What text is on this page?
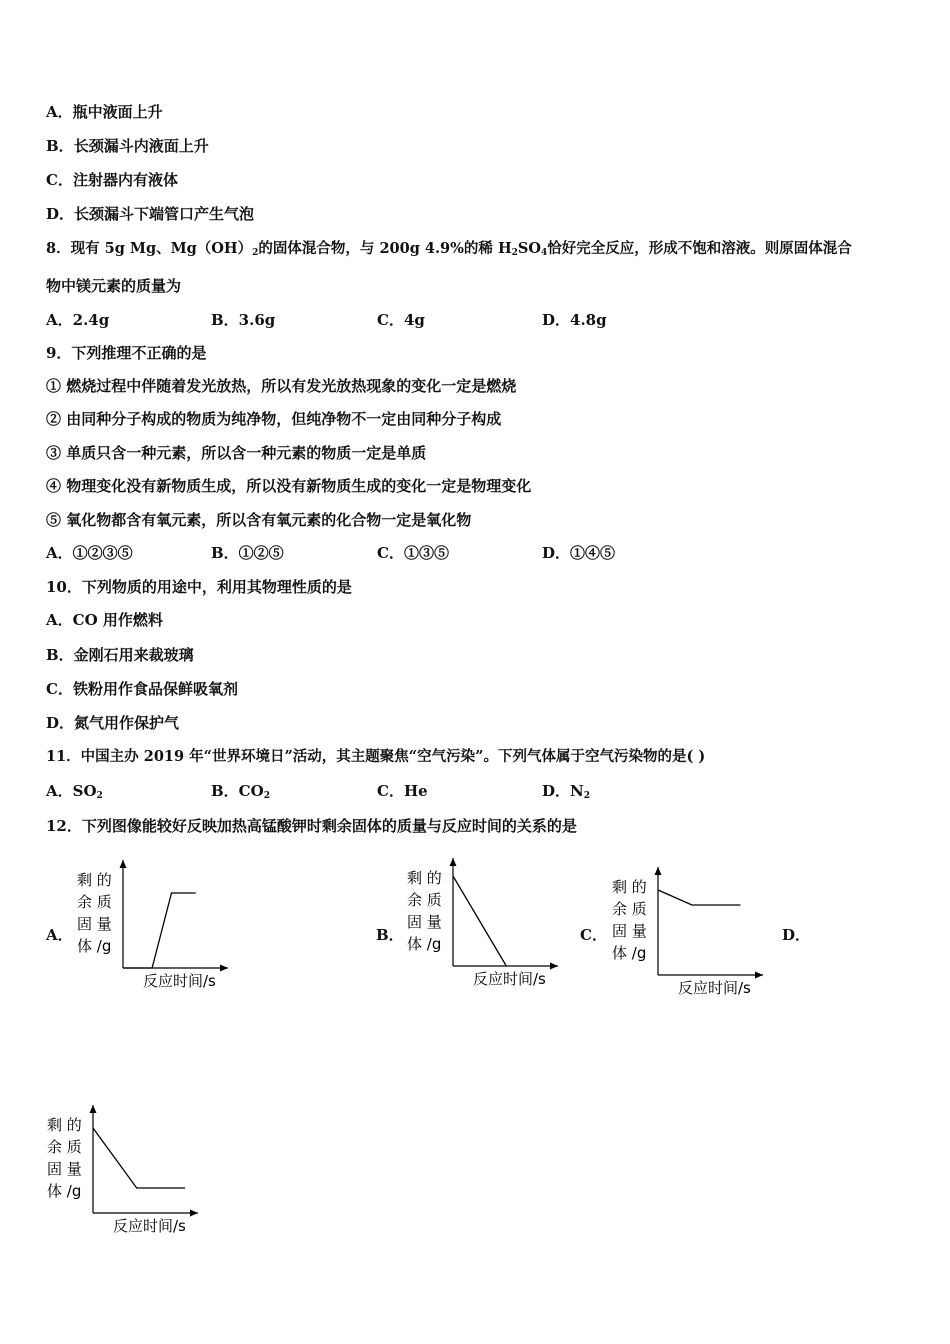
A．瓶中液面上升
B．长颈漏斗内液面上升
C．注射器内有液体
D．长颈漏斗下端管口产生气泡
8．现有 5g Mg、$Mg(OH)_2$的固体混合物，与 200g 4.9%的稀 $H_2SO_4$恰好完全反应，形成不饱和溶液。则原固体混合
物中镁元素的质量为
A．2.4g	B．3.6g	C．4g	D．4.8g
9．下列推理不正确的是
① 燃烧过程中伴随着发光放热，所以有发光放热现象的变化一定是燃烧
② 由同种分子构成的物质为纯净物，但纯净物不一定由同种分子构成
③ 单质只含一种元素，所以含一种元素的物质一定是单质
④ 物理变化没有新物质生成，所以没有新物质生成的变化一定是物理变化
⑤ 氧化物都含有氧元素，所以含有氧元素的化合物一定是氧化物
A．①②③⑤	B．①②⑤	C．①③⑤	D．①④⑤
10．下列物质的用途中，利用其物理性质的是
A．CO 用作燃料
B．金刚石用来裁玻璃
C．铁粉用作食品保鲜吸氧剂
D．氮气用作保护气
11．中国主办 2019 年“世界环境日”活动，其主题聚焦“空气污染”。下列气体属于空气污染物的是( )
A．$SO_2$	B．$CO_2$	C．He	D．$N_2$
12．下列图像能较好反映加热高锰酸钾时剩余固体的质量与反应时间的关系的是
A．	B．	C．	D．
剩 的
余 质
固 量
体 /g
反应时间/s
剩 的
余 质
固 量
体 /g
反应时间/s
剩 的
余 质
固 量
体 /g
反应时间/s
剩 的
余 质
固 量
体 /g
反应时间/s
